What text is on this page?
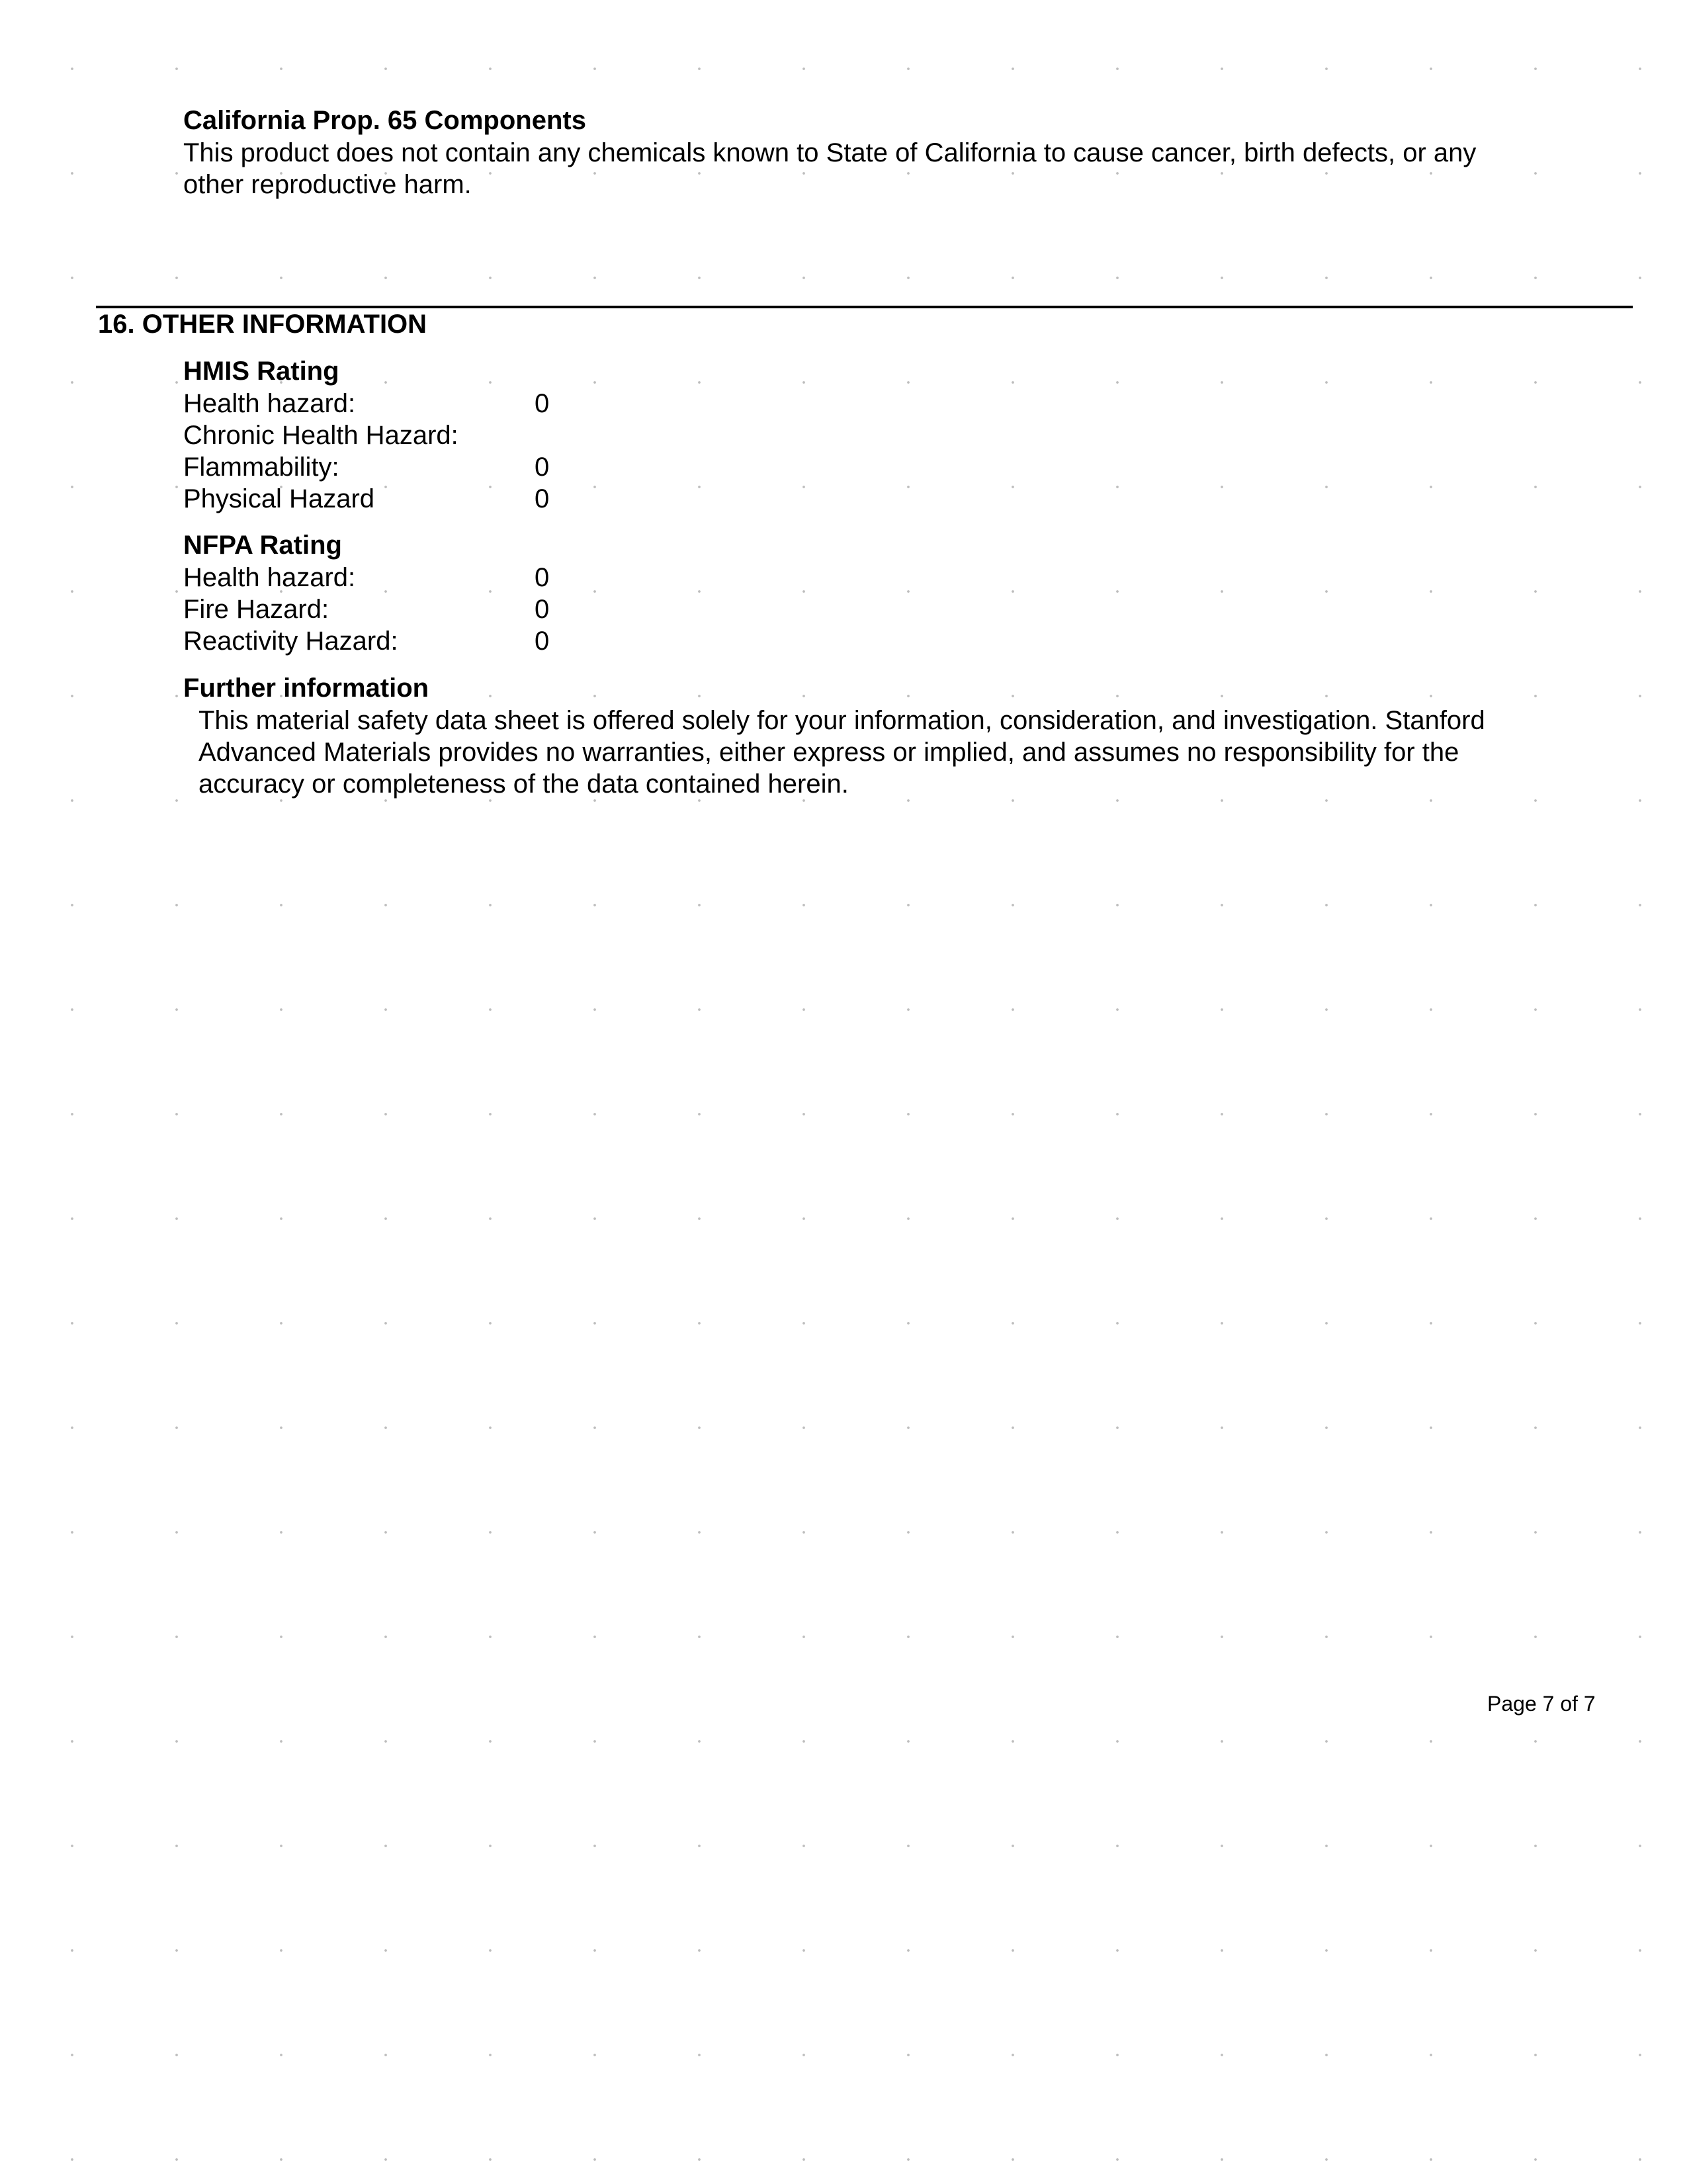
California Prop. 65 Components
This product does not contain any chemicals known to State of California to cause cancer, birth defects, or any other reproductive harm.
16. OTHER INFORMATION
HMIS Rating
Health hazard:	0
Chronic Health Hazard:
Flammability:	0
Physical Hazard	0
NFPA Rating
Health hazard:	0
Fire Hazard:	0
Reactivity Hazard:	0
Further information
This material safety data sheet is offered solely for your information, consideration, and investigation. Stanford Advanced Materials provides no warranties, either express or implied, and assumes no responsibility for the accuracy or completeness of the data contained herein.
Page 7 of 7
